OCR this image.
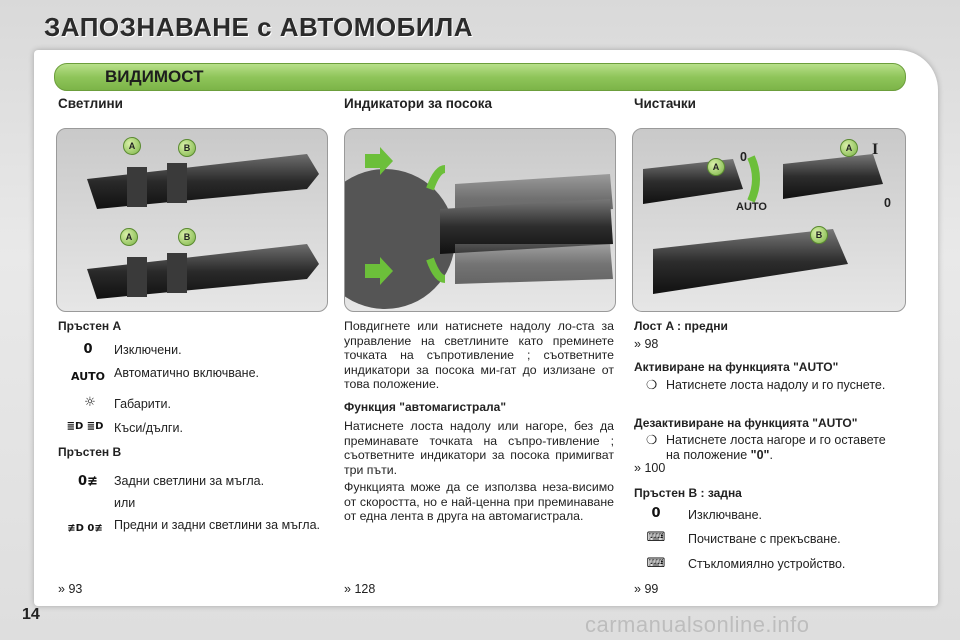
ЗАПОЗНАВАНЕ с АВТОМОБИЛА
ВИДИМОСТ
Светлини	Индикатори за посока	Чистачки
A	B
A	B
0
AUTO
I
0
A
A
B
Пръстен A
0	Изключени.
AUTO Автоматично включване.
☼	Габарити.
≣D ≣D Къси/дълги.
Пръстен B
0≢	Задни светлини за мъгла.
или
≢D 0≢ Предни и задни светлини за мъгла.
» 93
Повдигнете или натиснете надолу ло-ста за управление на светлините като преминете точката на съпротивление ; съответните индикатори за посока ми-гат до излизане от това положение.
Функция "автомагистрала"
Натиснете лоста надолу или нагоре, без да преминавате точката на съпро-тивление ; съответните индикатори за посока примигват три пъти.
Функцията може да се използва неза-висимо от скоростта, но е най-ценна при преминаване от една лента в друга на автомагистрала.
» 128
Лост A : предни
» 98
Активиране на функцията "AUTO"
❍ Натиснете лоста надолу и го пуснете.
Дезактивиране на функцията "AUTO"
❍ Натиснете лоста нагоре и го оставете на положение "0".
» 100
Пръстен B : задна
0	Изключване.
⌨	Почистване с прекъсване.
⌨	Стъкломиялно устройство.
» 99
14	carmanualsonline.info
